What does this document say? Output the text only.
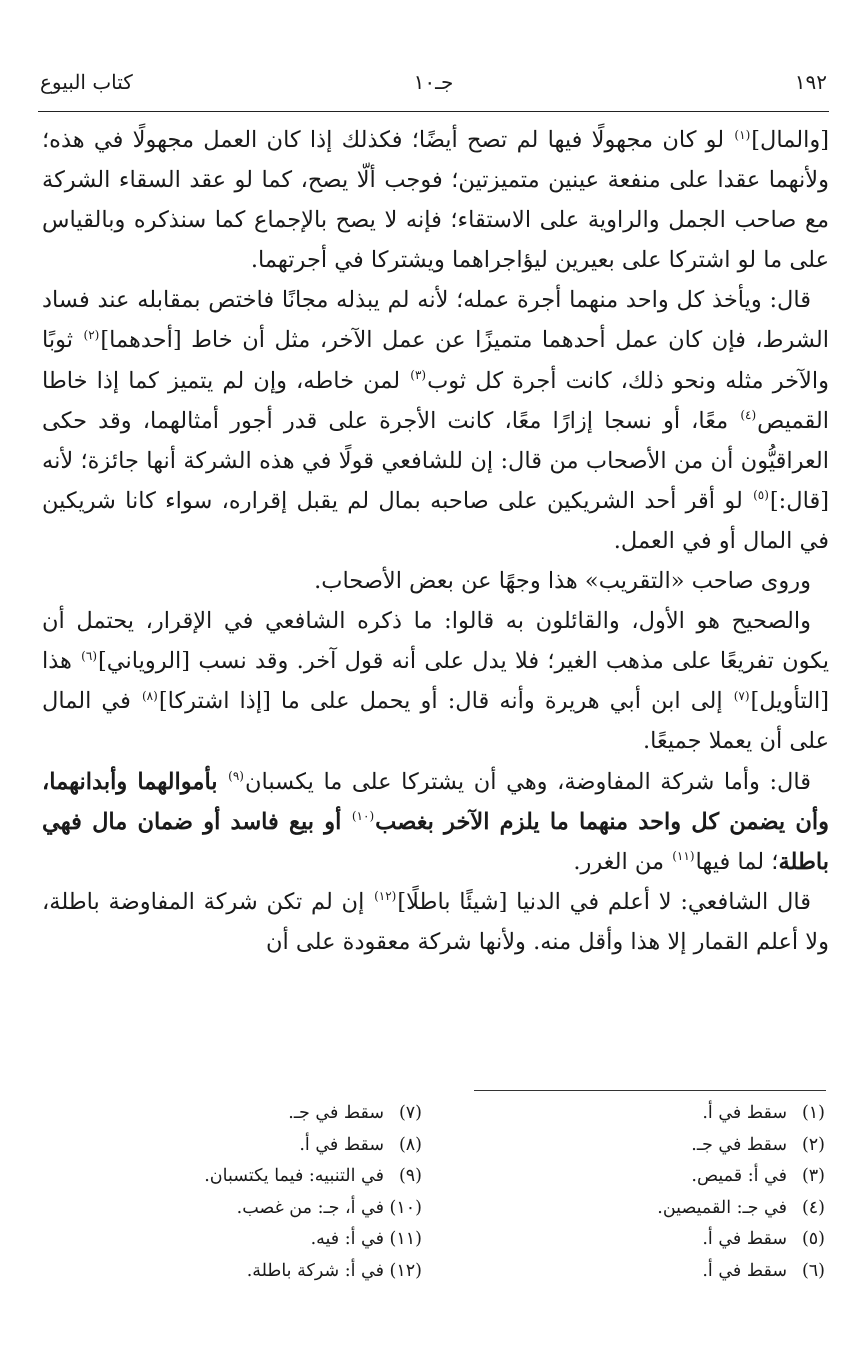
١٩٢
جـ١٠
كتاب البيوع

[والمال]$^{(١)}$ لو كان مجهولًا فيها لم تصح أيضًا؛ فكذلك إذا كان العمل مجهولًا في هذه؛ ولأنهما عقدا على منفعة عينين متميزتين؛ فوجب ألّا يصح، كما لو عقد السقاء الشركة مع صاحب الجمل والراوية على الاستقاء؛ فإنه لا يصح بالإجماع كما سنذكره وبالقياس على ما لو اشتركا على بعيرين ليؤاجراهما ويشتركا في أجرتهما.

قال: ويأخذ كل واحد منهما أجرة عمله؛ لأنه لم يبذله مجانًا فاختص بمقابله عند فساد الشرط، فإن كان عمل أحدهما متميزًا عن عمل الآخر، مثل أن خاط [أحدهما]$^{(٢)}$ ثوبًا والآخر مثله ونحو ذلك، كانت أجرة كل ثوب$^{(٣)}$ لمن خاطه، وإن لم يتميز كما إذا خاطا القميص$^{(٤)}$ معًا، أو نسجا إزارًا معًا، كانت الأجرة على قدر أجور أمثالهما، وقد حكى العراقيُّون أن من الأصحاب من قال: إن للشافعي قولًا في هذه الشركة أنها جائزة؛ لأنه [قال:]$^{(٥)}$ لو أقر أحد الشريكين على صاحبه بمال لم يقبل إقراره، سواء كانا شريكين في المال أو في العمل.

وروى صاحب «التقريب» هذا وجهًا عن بعض الأصحاب.

والصحيح هو الأول، والقائلون به قالوا: ما ذكره الشافعي في الإقرار، يحتمل أن يكون تفريعًا على مذهب الغير؛ فلا يدل على أنه قول آخر. وقد نسب [الروياني]$^{(٦)}$ هذا [التأويل]$^{(٧)}$ إلى ابن أبي هريرة وأنه قال: أو يحمل على ما [إذا اشتركا]$^{(٨)}$ في المال على أن يعملا جميعًا.

قال: وأما شركة المفاوضة، وهي أن يشتركا على ما يكسبان$^{(٩)}$ بأموالهما وأبدانهما، وأن يضمن كل واحد منهما ما يلزم الآخر بغصب$^{(١٠)}$ أو بيع فاسد أو ضمان مال فهي باطلة؛ لما فيها$^{(١١)}$ من الغرر.

قال الشافعي: لا أعلم في الدنيا [شيئًا باطلًا]$^{(١٢)}$ إن لم تكن شركة المفاوضة باطلة، ولا أعلم القمار إلا هذا وأقل منه. ولأنها شركة معقودة على أن

(١)سقط في أ.
(٢)سقط في جـ.
(٣)في أ: قميص.
(٤)في جـ: القميصين.
(٥)سقط في أ.
(٦)سقط في أ.
(٧)سقط في جـ.
(٨)سقط في أ.
(٩)في التنبيه: فيما يكتسبان.
(١٠)في أ، جـ: من غصب.
(١١)في أ: فيه.
(١٢)في أ: شركة باطلة.
